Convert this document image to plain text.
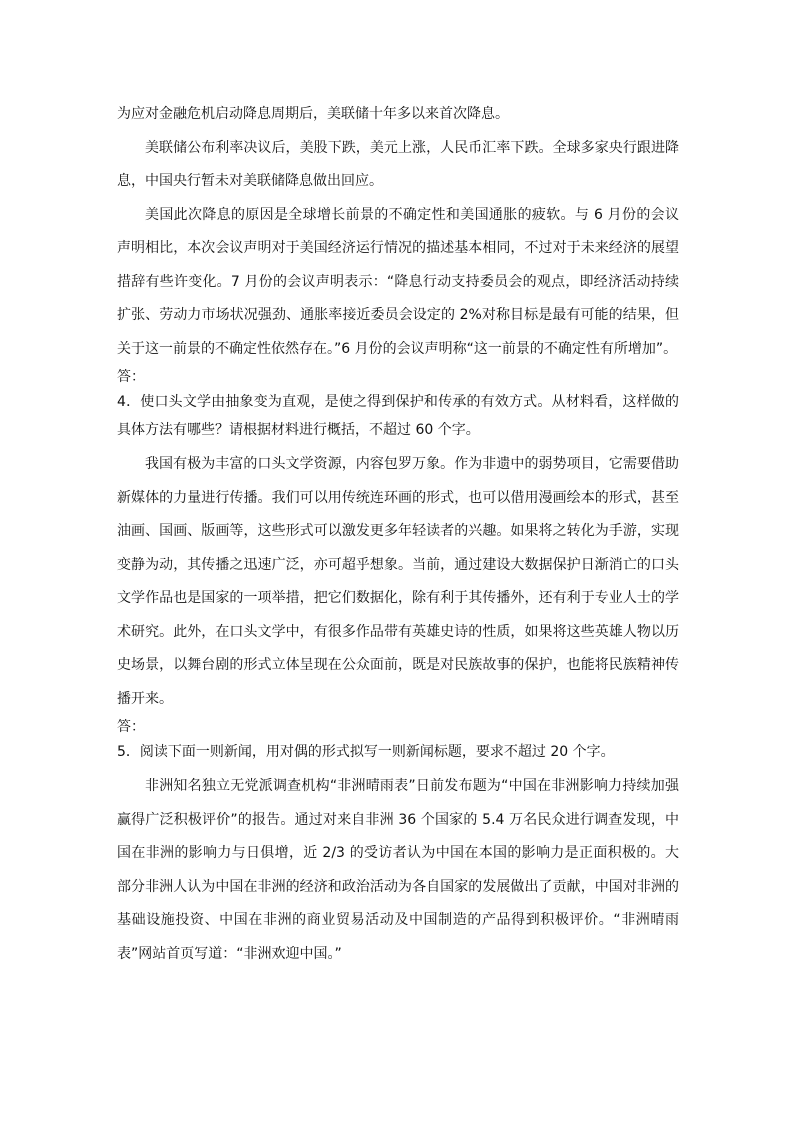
为应对金融危机启动降息周期后，美联储十年多以来首次降息。

美联储公布利率决议后，美股下跌，美元上涨，人民币汇率下跌。全球多家央行跟进降息，中国央行暂未对美联储降息做出回应。

美国此次降息的原因是全球增长前景的不确定性和美国通胀的疲软。与 6 月份的会议声明相比，本次会议声明对于美国经济运行情况的描述基本相同，不过对于未来经济的展望措辞有些许变化。7 月份的会议声明表示：“降息行动支持委员会的观点，即经济活动持续扩张、劳动力市场状况强劲、通胀率接近委员会设定的 2%对称目标是最有可能的结果，但关于这一前景的不确定性依然存在。”6 月份的会议声明称“这一前景的不确定性有所增加”。

答：

4．使口头文学由抽象变为直观，是使之得到保护和传承的有效方式。从材料看，这样做的具体方法有哪些？请根据材料进行概括，不超过 60 个字。

我国有极为丰富的口头文学资源，内容包罗万象。作为非遗中的弱势项目，它需要借助新媒体的力量进行传播。我们可以用传统连环画的形式，也可以借用漫画绘本的形式，甚至油画、国画、版画等，这些形式可以激发更多年轻读者的兴趣。如果将之转化为手游，实现变静为动，其传播之迅速广泛，亦可超乎想象。当前，通过建设大数据保护日渐消亡的口头文学作品也是国家的一项举措，把它们数据化，除有利于其传播外，还有利于专业人士的学术研究。此外，在口头文学中，有很多作品带有英雄史诗的性质，如果将这些英雄人物以历史场景，以舞台剧的形式立体呈现在公众面前，既是对民族故事的保护，也能将民族精神传播开来。

答：

5．阅读下面一则新闻，用对偶的形式拟写一则新闻标题，要求不超过 20 个字。

非洲知名独立无党派调查机构“非洲晴雨表”日前发布题为“中国在非洲影响力持续加强赢得广泛积极评价”的报告。通过对来自非洲 36 个国家的 5.4 万名民众进行调查发现，中国在非洲的影响力与日俱增，近 2/3 的受访者认为中国在本国的影响力是正面积极的。大部分非洲人认为中国在非洲的经济和政治活动为各自国家的发展做出了贡献，中国对非洲的基础设施投资、中国在非洲的商业贸易活动及中国制造的产品得到积极评价。“非洲晴雨表”网站首页写道：“非洲欢迎中国。”
